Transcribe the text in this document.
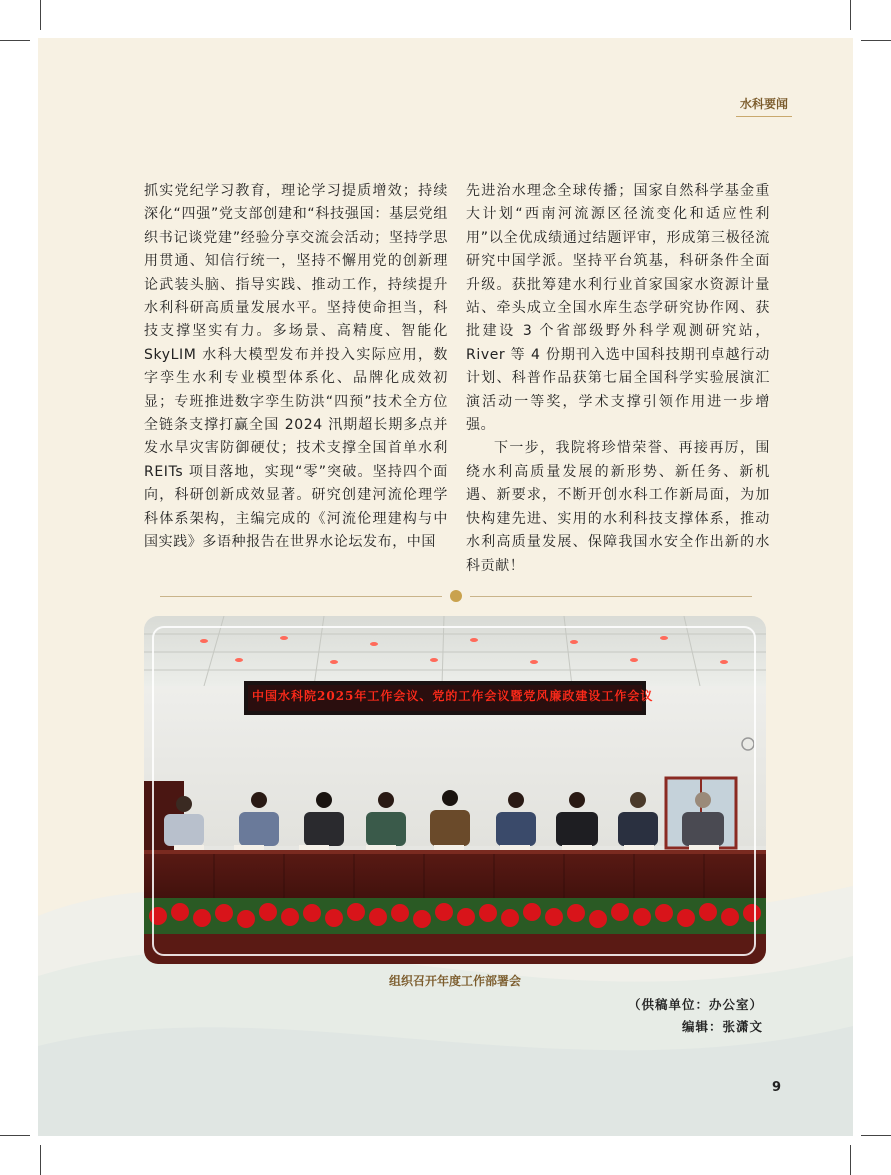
水科要闻

抓实党纪学习教育，理论学习提质增效；持续深化“四强”党支部创建和“科技强国：基层党组织书记谈党建”经验分享交流会活动；坚持学思用贯通、知信行统一，坚持不懈用党的创新理论武装头脑、指导实践、推动工作，持续提升水利科研高质量发展水平。坚持使命担当，科技支撑坚实有力。多场景、高精度、智能化 SkyLIM 水科大模型发布并投入实际应用，数字孪生水利专业模型体系化、品牌化成效初显；专班推进数字孪生防洪“四预”技术全方位全链条支撑打赢全国 2024 汛期超长期多点并发水旱灾害防御硬仗；技术支撑全国首单水利 REITs 项目落地，实现“零”突破。坚持四个面向，科研创新成效显著。研究创建河流伦理学科体系架构，主编完成的《河流伦理建构与中国实践》多语种报告在世界水论坛发布，中国

先进治水理念全球传播；国家自然科学基金重大计划“西南河流源区径流变化和适应性利用”以全优成绩通过结题评审，形成第三极径流研究中国学派。坚持平台筑基，科研条件全面升级。获批筹建水利行业首家国家水资源计量站、牵头成立全国水库生态学研究协作网、获批建设 3 个省部级野外科学观测研究站，River 等 4 份期刊入选中国科技期刊卓越行动计划、科普作品获第七届全国科学实验展演汇演活动一等奖，学术支撑引领作用进一步增强。

下一步，我院将珍惜荣誉、再接再厉，围绕水利高质量发展的新形势、新任务、新机遇、新要求，不断开创水科工作新局面，为加快构建先进、实用的水利科技支撑体系，推动水利高质量发展、保障我国水安全作出新的水科贡献！

中国水科院2025年工作会议、党的工作会议暨党风廉政建设工作会议
组织召开年度工作部署会
（供稿单位：办公室）
编辑：张潇文
9
